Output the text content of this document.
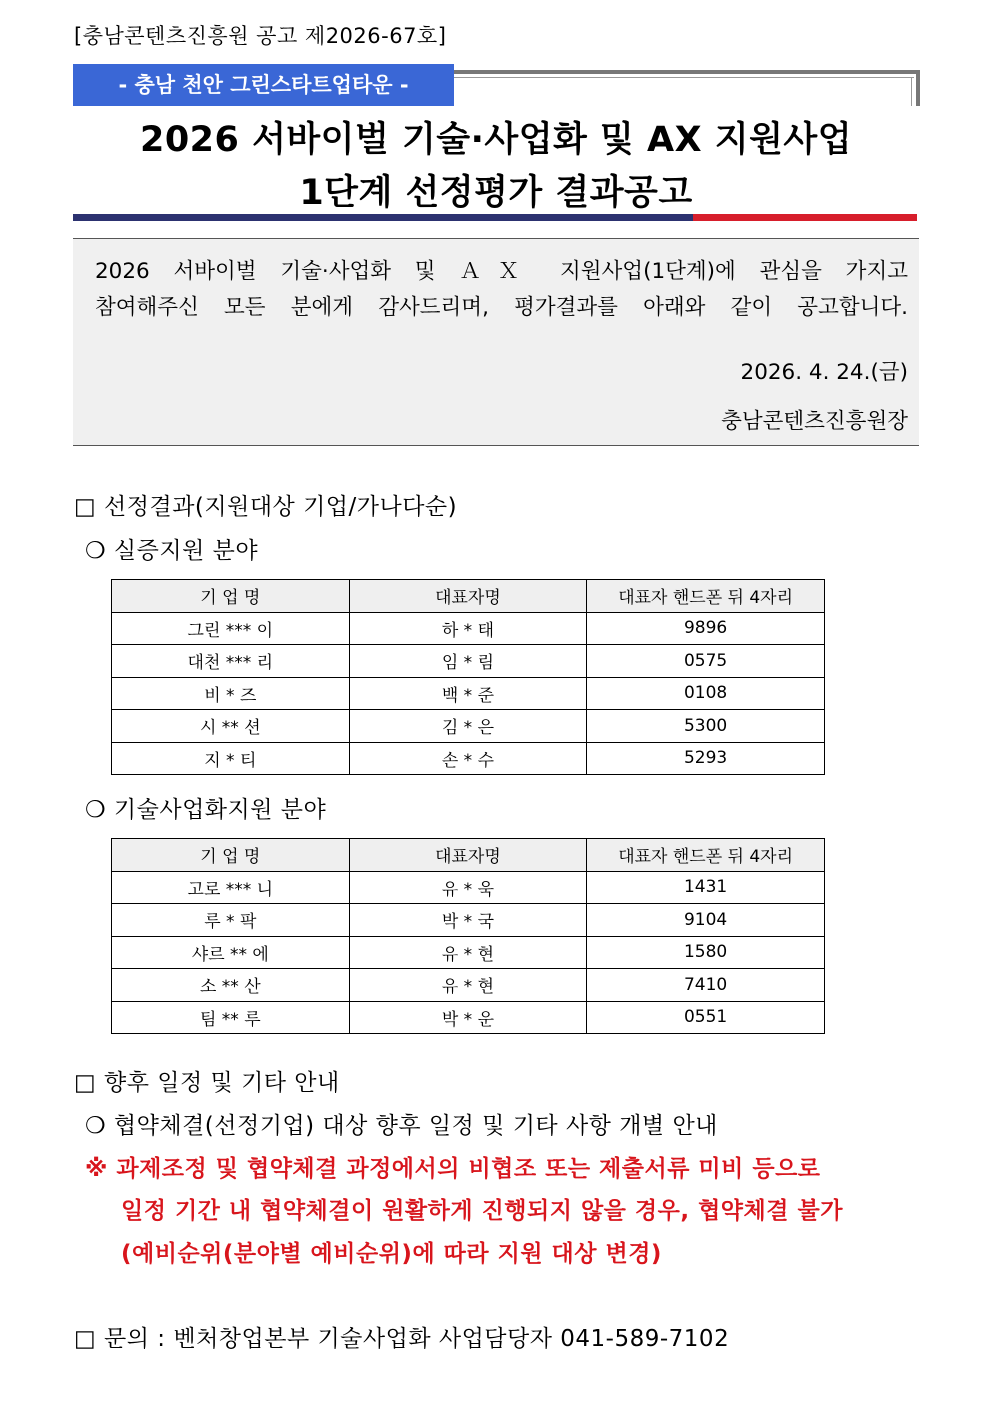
[충남콘텐츠진흥원 공고 제2026-67호]
- 충남 천안 그린스타트업타운 -
2026 서바이벌 기술·사업화 및 AX 지원사업
1단계 선정평가 결과공고
2026 서바이벌 기술·사업화 및 ＡＸ 지원사업(1단계)에 관심을 가지고
참여해주신 모든 분에게 감사드리며, 평가결과를 아래와 같이 공고합니다.
2026. 4. 24.(금)
충남콘텐츠진흥원장
□ 선정결과(지원대상 기업/가나다순)
❍ 실증지원 분야
기 업 명	대표자명	대표자 핸드폰 뒤 4자리
그린 *** 이	하 * 태	9896
대천 *** 리	임 * 림	0575
비 * 즈	백 * 준	0108
시 ** 션	김 * 은	5300
지 * 티	손 * 수	5293
❍ 기술사업화지원 분야
기 업 명	대표자명	대표자 핸드폰 뒤 4자리
고로 *** 니	유 * 욱	1431
루 * 팍	박 * 국	9104
샤르 ** 에	유 * 현	1580
소 ** 산	유 * 현	7410
팀 ** 루	박 * 운	0551
□ 향후 일정 및 기타 안내
❍ 협약체결(선정기업) 대상 향후 일정 및 기타 사항 개별 안내
※ 과제조정 및 협약체결 과정에서의 비협조 또는 제출서류 미비 등으로
일정 기간 내 협약체결이 원활하게 진행되지 않을 경우, 협약체결 불가
(예비순위(분야별 예비순위)에 따라 지원 대상 변경)
□ 문의 : 벤처창업본부 기술사업화 사업담당자 041-589-7102
